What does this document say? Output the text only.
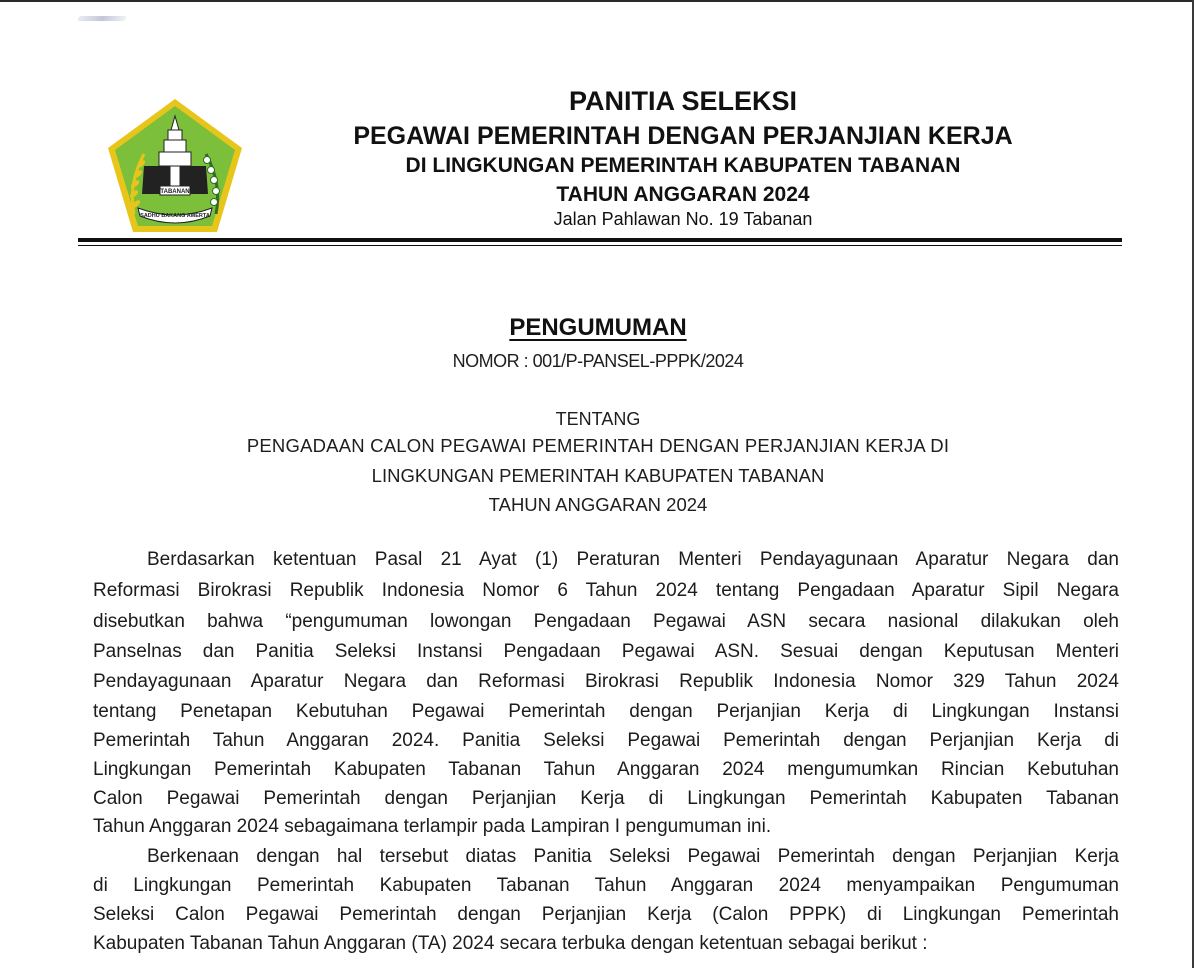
TABANAN
SADHU BAKANG AMERTA
PANITIA SELEKSI
PEGAWAI PEMERINTAH DENGAN PERJANJIAN KERJA
DI LINGKUNGAN PEMERINTAH KABUPATEN TABANAN
TAHUN ANGGARAN 2024
Jalan Pahlawan No. 19 Tabanan
PENGUMUMAN
NOMOR : 001/P-PANSEL-PPPK/2024
TENTANG
PENGADAAN CALON PEGAWAI PEMERINTAH DENGAN PERJANJIAN KERJA DI
LINGKUNGAN PEMERINTAH KABUPATEN TABANAN
TAHUN ANGGARAN 2024
Berdasarkan ketentuan Pasal 21 Ayat (1) Peraturan Menteri Pendayagunaan Aparatur Negara dan
Reformasi Birokrasi Republik Indonesia Nomor 6 Tahun 2024 tentang Pengadaan Aparatur Sipil Negara
disebutkan bahwa “pengumuman lowongan Pengadaan Pegawai ASN secara nasional dilakukan oleh
Panselnas dan Panitia Seleksi Instansi Pengadaan Pegawai ASN. Sesuai dengan Keputusan Menteri
Pendayagunaan Aparatur Negara dan Reformasi Birokrasi Republik Indonesia Nomor 329 Tahun 2024
tentang Penetapan Kebutuhan Pegawai Pemerintah dengan Perjanjian Kerja di Lingkungan Instansi
Pemerintah Tahun Anggaran 2024. Panitia Seleksi Pegawai Pemerintah dengan Perjanjian Kerja di
Lingkungan Pemerintah Kabupaten Tabanan Tahun Anggaran 2024 mengumumkan Rincian Kebutuhan
Calon Pegawai Pemerintah dengan Perjanjian Kerja di Lingkungan Pemerintah Kabupaten Tabanan
Tahun Anggaran 2024 sebagaimana terlampir pada Lampiran I pengumuman ini.
Berkenaan dengan hal tersebut diatas Panitia Seleksi Pegawai Pemerintah dengan Perjanjian Kerja
di Lingkungan Pemerintah Kabupaten Tabanan Tahun Anggaran 2024 menyampaikan Pengumuman
Seleksi Calon Pegawai Pemerintah dengan Perjanjian Kerja (Calon PPPK) di Lingkungan Pemerintah
Kabupaten Tabanan Tahun Anggaran (TA) 2024 secara terbuka dengan ketentuan sebagai berikut :
